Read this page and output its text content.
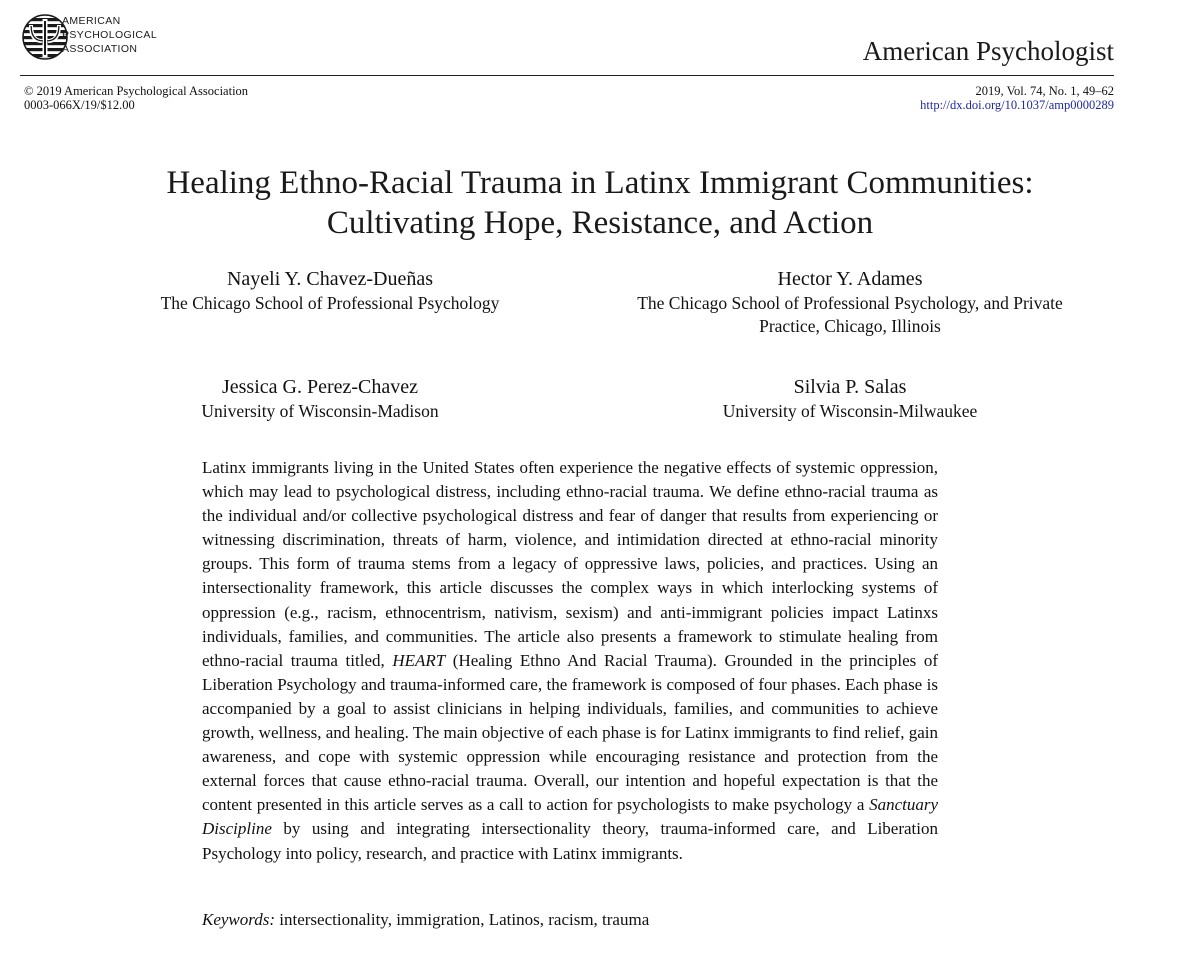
AMERICAN
PSYCHOLOGICAL
ASSOCIATION	American Psychologist
© 2019 American Psychological Association
0003-066X/19/$12.00
2019, Vol. 74, No. 1, 49–62
http://dx.doi.org/10.1037/amp0000289
Healing Ethno-Racial Trauma in Latinx Immigrant Communities:
Cultivating Hope, Resistance, and Action
Nayeli Y. Chavez-Dueñas
The Chicago School of Professional Psychology
Hector Y. Adames
The Chicago School of Professional Psychology, and Private
Practice, Chicago, Illinois
Jessica G. Perez-Chavez
University of Wisconsin-Madison
Silvia P. Salas
University of Wisconsin-Milwaukee

Latinx immigrants living in the United States often experience the negative effects of systemic oppression, which may lead to psychological distress, including ethno-racial trauma. We define ethno-racial trauma as the individual and/or collective psychological distress and fear of danger that results from experiencing or witnessing discrimination, threats of harm, violence, and intimidation directed at ethno-racial minority groups. This form of trauma stems from a legacy of oppressive laws, policies, and practices. Using an intersectionality framework, this article discusses the complex ways in which interlocking systems of oppression (e.g., racism, ethnocentrism, nativism, sexism) and anti-immigrant policies impact Latinxs individuals, families, and communities. The article also presents a framework to stimulate healing from ethno-racial trauma titled, HEART (Healing Ethno And Racial Trauma). Grounded in the principles of Liberation Psychology and trauma-informed care, the framework is composed of four phases. Each phase is accompanied by a goal to assist clinicians in helping individuals, families, and communities to achieve growth, wellness, and healing. The main objective of each phase is for Latinx immigrants to find relief, gain awareness, and cope with systemic oppression while encouraging resistance and protection from the external forces that cause ethno-racial trauma. Overall, our intention and hopeful expectation is that the content presented in this article serves as a call to action for psychologists to make psychology a Sanctuary Discipline by using and integrating intersectionality theory, trauma-informed care, and Liberation Psychology into policy, research, and practice with Latinx immigrants.

Keywords: intersectionality, immigration, Latinos, racism, trauma
